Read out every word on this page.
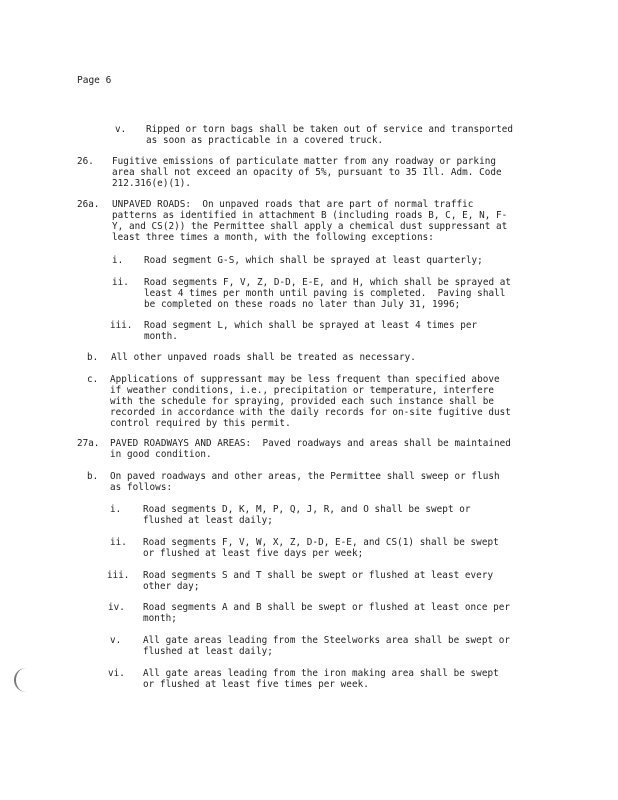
Page 6
v. Ripped or torn bags shall be taken out of service and transported
as soon as practicable in a covered truck.
26. Fugitive emissions of particulate matter from any roadway or parking
area shall not exceed an opacity of 5%, pursuant to 35 Ill. Adm. Code
212.316(e)(1).
26a. UNPAVED ROADS:  On unpaved roads that are part of normal traffic
patterns as identified in attachment B (including roads B, C, E, N, F-
Y, and CS(2)) the Permittee shall apply a chemical dust suppressant at
least three times a month, with the following exceptions:
i. Road segment G-S, which shall be sprayed at least quarterly;
ii. Road segments F, V, Z, D-D, E-E, and H, which shall be sprayed at
least 4 times per month until paving is completed.  Paving shall
be completed on these roads no later than July 31, 1996;
iii. Road segment L, which shall be sprayed at least 4 times per
month.
b. All other unpaved roads shall be treated as necessary.
c. Applications of suppressant may be less frequent than specified above
if weather conditions, i.e., precipitation or temperature, interfere
with the schedule for spraying, provided each such instance shall be
recorded in accordance with the daily records for on-site fugitive dust
control required by this permit.
27a. PAVED ROADWAYS AND AREAS:  Paved roadways and areas shall be maintained
in good condition.
b. On paved roadways and other areas, the Permittee shall sweep or flush
as follows:
i. Road segments D, K, M, P, Q, J, R, and O shall be swept or
flushed at least daily;
ii. Road segments F, V, W, X, Z, D-D, E-E, and CS(1) shall be swept
or flushed at least five days per week;
iii. Road segments S and T shall be swept or flushed at least every
other day;
iv. Road segments A and B shall be swept or flushed at least once per
month;
v. All gate areas leading from the Steelworks area shall be swept or
flushed at least daily;
vi. All gate areas leading from the iron making area shall be swept
or flushed at least five times per week.
